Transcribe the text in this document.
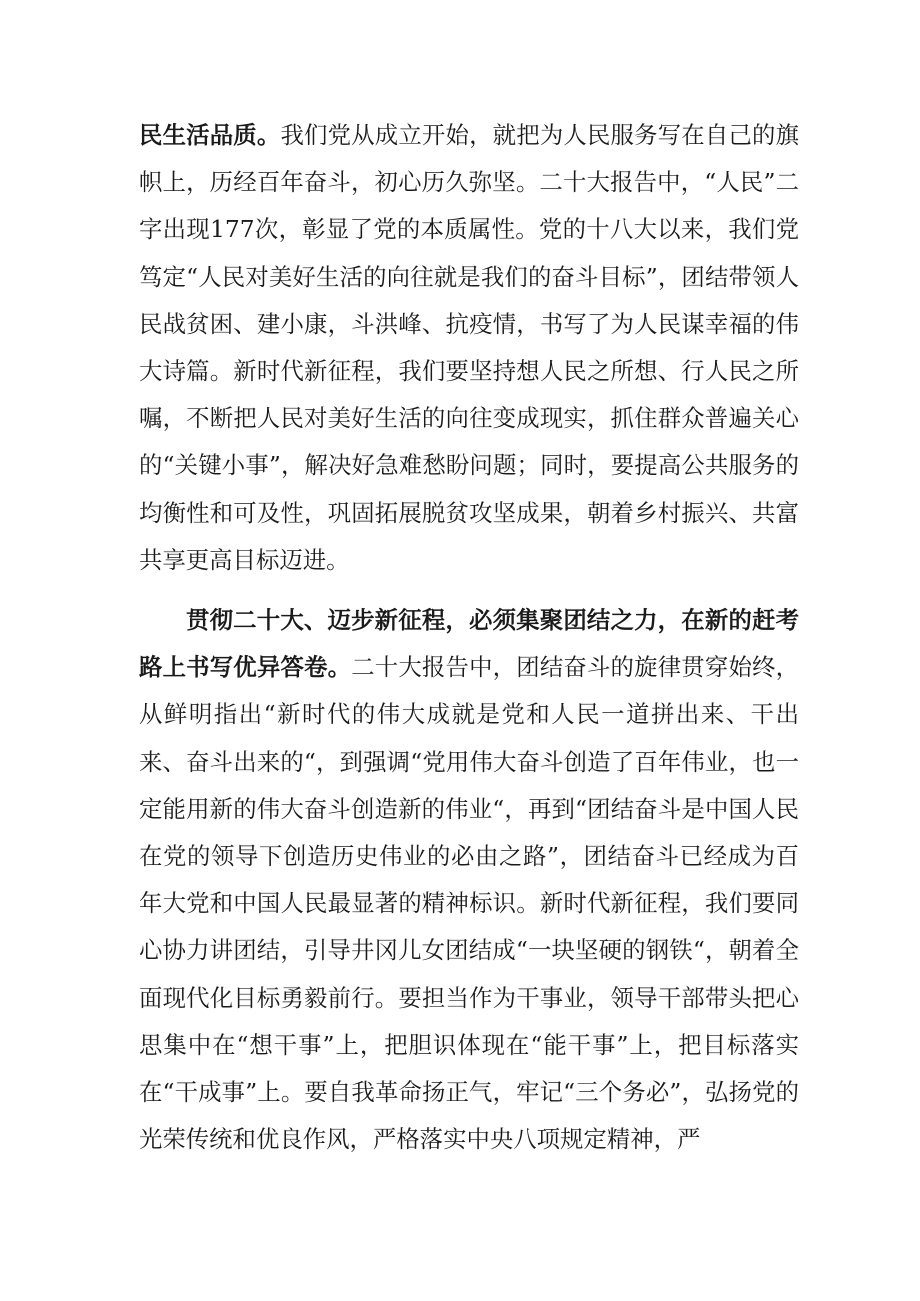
民生活品质。我们党从成立开始，就把为人民服务写在自己的旗帜上，历经百年奋斗，初心历久弥坚。二十大报告中，“人民”二字出现177次，彰显了党的本质属性。党的十八大以来，我们党笃定“人民对美好生活的向往就是我们的奋斗目标”，团结带领人民战贫困、建小康，斗洪峰、抗疫情，书写了为人民谋幸福的伟大诗篇。新时代新征程，我们要坚持想人民之所想、行人民之所嘱，不断把人民对美好生活的向往变成现实，抓住群众普遍关心的“关键小事”，解决好急难愁盼问题；同时，要提高公共服务的均衡性和可及性，巩固拓展脱贫攻坚成果，朝着乡村振兴、共富共享更高目标迈进。

贯彻二十大、迈步新征程，必须集聚团结之力，在新的赶考路上书写优异答卷。二十大报告中，团结奋斗的旋律贯穿始终，从鲜明指出“新时代的伟大成就是党和人民一道拼出来、干出来、奋斗出来的“，到强调“党用伟大奋斗创造了百年伟业，也一定能用新的伟大奋斗创造新的伟业“，再到“团结奋斗是中国人民在党的领导下创造历史伟业的必由之路”，团结奋斗已经成为百年大党和中国人民最显著的精神标识。新时代新征程，我们要同心协力讲团结，引导井冈儿女团结成“一块坚硬的钢铁“，朝着全面现代化目标勇毅前行。要担当作为干事业，领导干部带头把心思集中在“想干事”上，把胆识体现在“能干事”上，把目标落实在“干成事”上。要自我革命扬正气，牢记“三个务必”，弘扬党的光荣传统和优良作风，严格落实中央八项规定精神，严
